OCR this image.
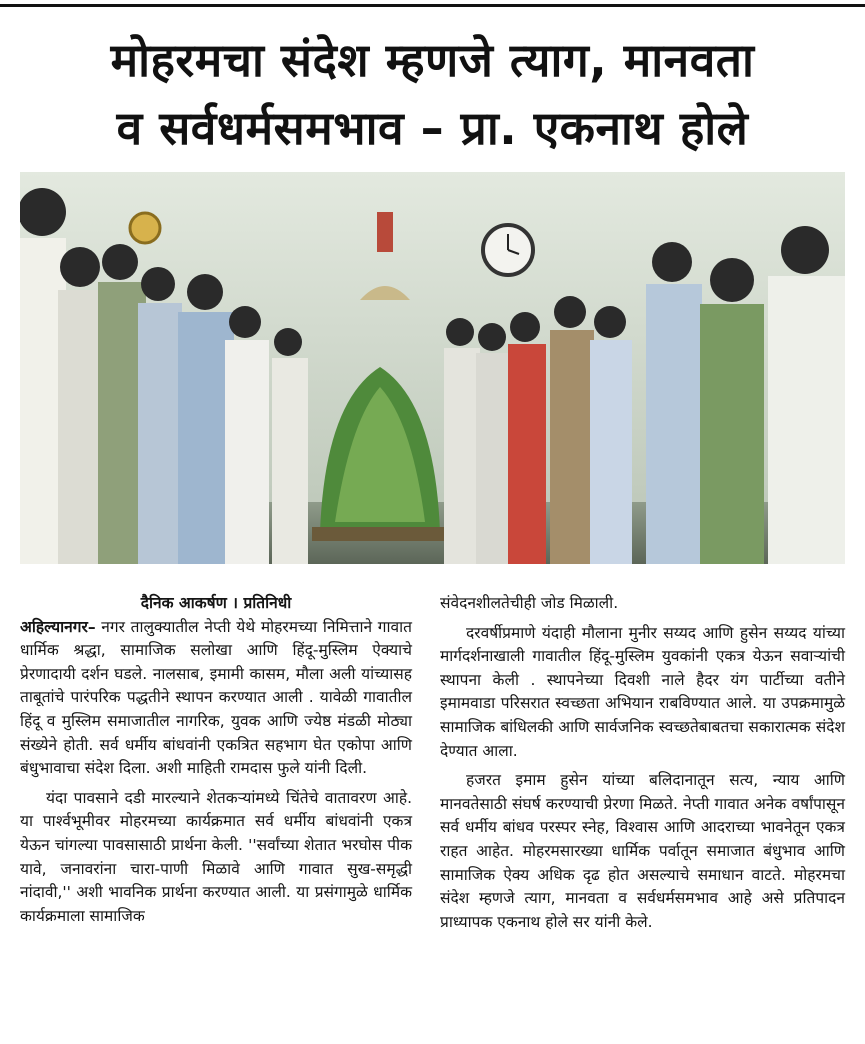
मोहरमचा संदेश म्हणजे त्याग, मानवता
व सर्वधर्मसमभाव – प्रा. एकनाथ होले

दैनिक आकर्षण । प्रतिनिधी

अहिल्यानगर– नगर तालुक्यातील नेप्ती येथे मोहरमच्या निमित्ताने गावात धार्मिक श्रद्धा, सामाजिक सलोखा आणि हिंदू-मुस्लिम ऐक्याचे प्रेरणादायी दर्शन घडले. नालसाब, इमामी कासम, मौला अली यांच्यासह ताबूतांचे पारंपरिक पद्धतीने स्थापन करण्यात आली . यावेळी गावातील हिंदू व मुस्लिम समाजातील नागरिक, युवक आणि ज्येष्ठ मंडळी मोठ्या संख्येने होती. सर्व धर्मीय बांधवांनी एकत्रित सहभाग घेत एकोपा आणि बंधुभावाचा संदेश दिला. अशी माहिती रामदास फुले यांनी दिली.

यंदा पावसाने दडी मारल्याने शेतकऱ्यांमध्ये चिंतेचे वातावरण आहे. या पार्श्वभूमीवर मोहरमच्या कार्यक्रमात सर्व धर्मीय बांधवांनी एकत्र येऊन चांगल्या पावसासाठी प्रार्थना केली. ''सर्वांच्या शेतात भरघोस पीक यावे, जनावरांना चारा-पाणी मिळावे आणि गावात सुख-समृद्धी नांदावी,'' अशी भावनिक प्रार्थना करण्यात आली. या प्रसंगामुळे धार्मिक कार्यक्रमाला सामाजिक

संवेदनशीलतेचीही जोड मिळाली.

दरवर्षीप्रमाणे यंदाही मौलाना मुनीर सय्यद आणि हुसेन सय्यद यांच्या मार्गदर्शनाखाली गावातील हिंदू-मुस्लिम युवकांनी एकत्र येऊन सवाऱ्यांची स्थापना केली . स्थापनेच्या दिवशी नाले हैदर यंग पार्टीच्या वतीने इमामवाडा परिसरात स्वच्छता अभियान राबविण्यात आले. या उपक्रमामुळे सामाजिक बांधिलकी आणि सार्वजनिक स्वच्छतेबाबतचा सकारात्मक संदेश देण्यात आला.

हजरत इमाम हुसेन यांच्या बलिदानातून सत्य, न्याय आणि मानवतेसाठी संघर्ष करण्याची प्रेरणा मिळते. नेप्ती गावात अनेक वर्षांपासून सर्व धर्मीय बांधव परस्पर स्नेह, विश्वास आणि आदराच्या भावनेतून एकत्र राहत आहेत. मोहरमसारख्या धार्मिक पर्वातून समाजात बंधुभाव आणि सामाजिक ऐक्य अधिक दृढ होत असल्याचे समाधान वाटते. मोहरमचा संदेश म्हणजे त्याग, मानवता व सर्वधर्मसमभाव आहे असे प्रतिपादन प्राध्यापक एकनाथ होले सर यांनी केले.
